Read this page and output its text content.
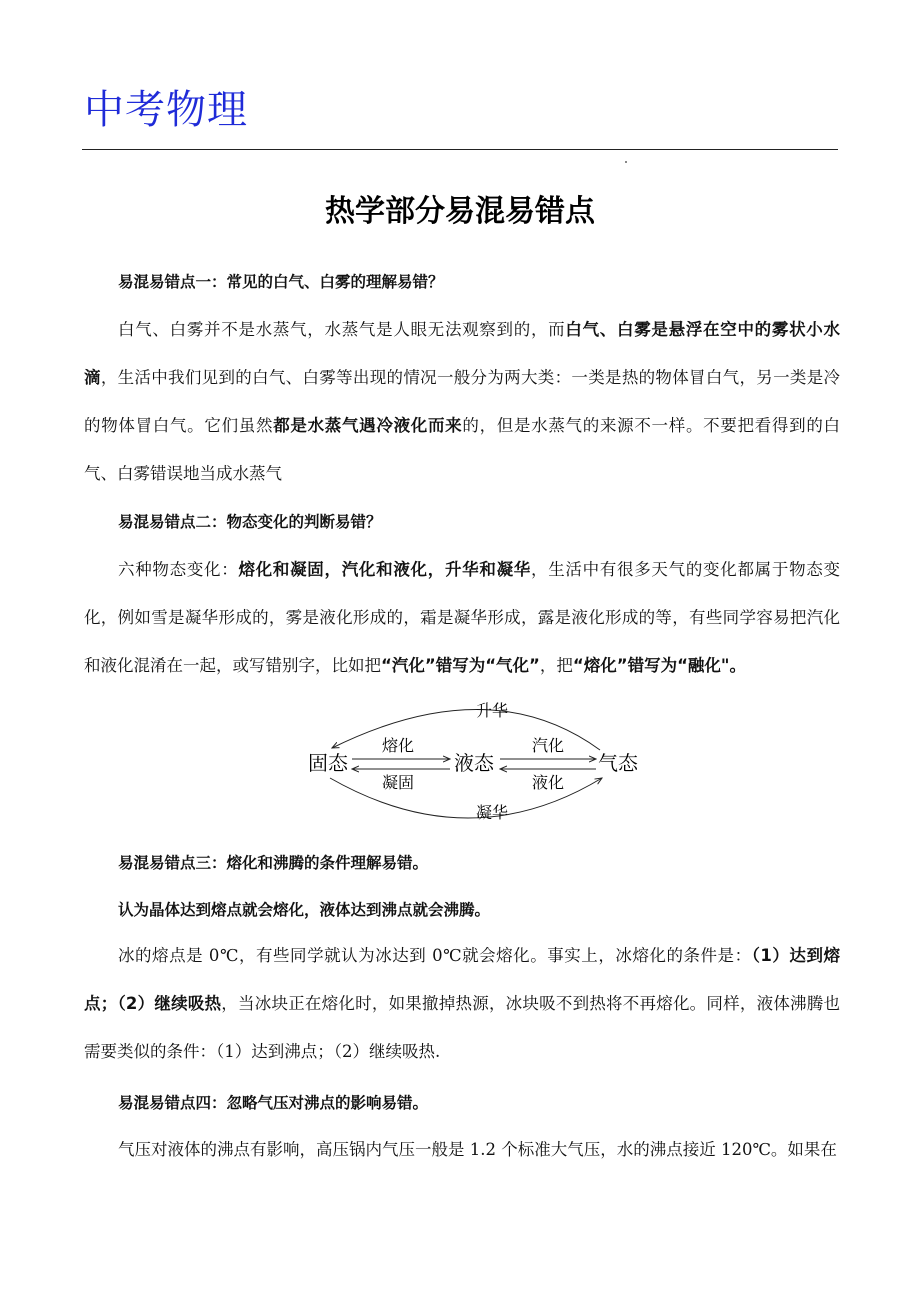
中考物理
热学部分易混易错点

易混易错点一：常见的白气、白雾的理解易错？

白气、白雾并不是水蒸气，水蒸气是人眼无法观察到的，而白气、白雾是悬浮在空中的雾状小水滴，生活中我们见到的白气、白雾等出现的情况一般分为两大类：一类是热的物体冒白气，另一类是冷的物体冒白气。它们虽然都是水蒸气遇冷液化而来的，但是水蒸气的来源不一样。不要把看得到的白气、白雾错误地当成水蒸气

易混易错点二：物态变化的判断易错？

六种物态变化：熔化和凝固，汽化和液化，升华和凝华，生活中有很多天气的变化都属于物态变化，例如雪是凝华形成的，雾是液化形成的，霜是凝华形成，露是液化形成的等，有些同学容易把汽化和液化混淆在一起，或写错别字，比如把“汽化”错写为“气化”，把“熔化”错写为“融化"。

固态	液态	气态
熔化
凝固
汽化
液化
升华
凝华

易混易错点三：熔化和沸腾的条件理解易错。

认为晶体达到熔点就会熔化，液体达到沸点就会沸腾。

冰的熔点是 0℃，有些同学就认为冰达到 0℃就会熔化。事实上，冰熔化的条件是：（1）达到熔点；（2）继续吸热，当冰块正在熔化时，如果撤掉热源，冰块吸不到热将不再熔化。同样，液体沸腾也需要类似的条件：（1）达到沸点；（2）继续吸热.

易混易错点四：忽略气压对沸点的影响易错。

气压对液体的沸点有影响，高压锅内气压一般是 1.2 个标准大气压，水的沸点接近 120℃。如果在
